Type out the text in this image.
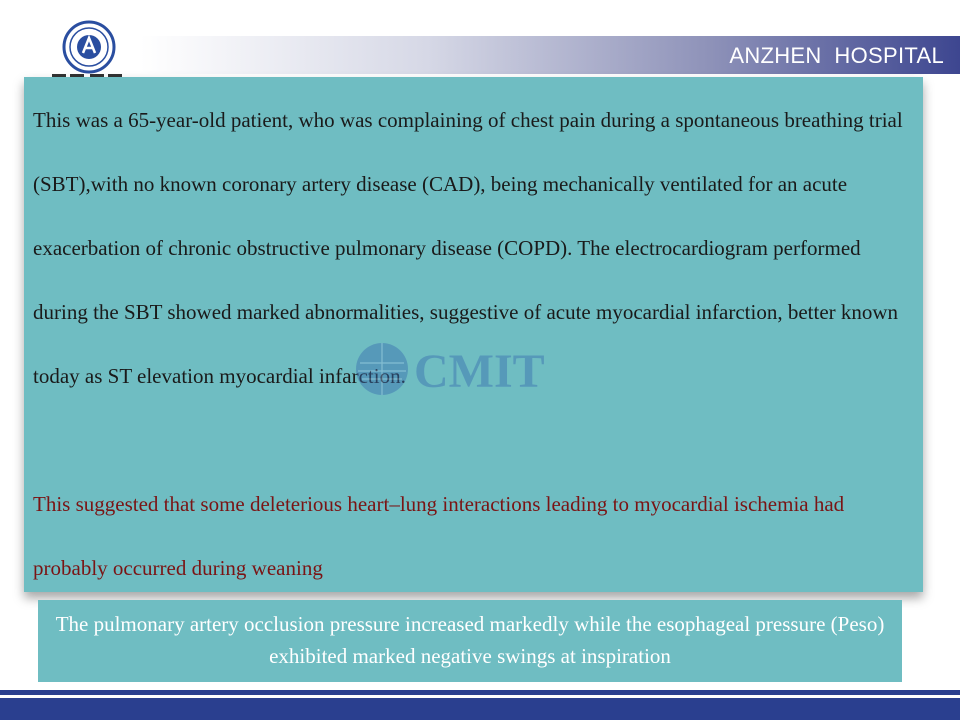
ANZHEN  HOSPITAL
This was a 65-year-old patient, who was complaining of chest pain during a spontaneous breathing trial (SBT),with no known coronary artery disease (CAD), being mechanically ventilated for an acute exacerbation of chronic obstructive pulmonary disease (COPD). The electrocardiogram performed during the SBT showed marked abnormalities, suggestive of acute myocardial infarction, better known today as ST elevation myocardial infarction.
This suggested that some deleterious heart–lung interactions leading to myocardial ischemia had probably occurred during weaning
CMIT
The pulmonary artery occlusion pressure increased markedly while the esophageal pressure (Peso) exhibited marked negative swings at inspiration
